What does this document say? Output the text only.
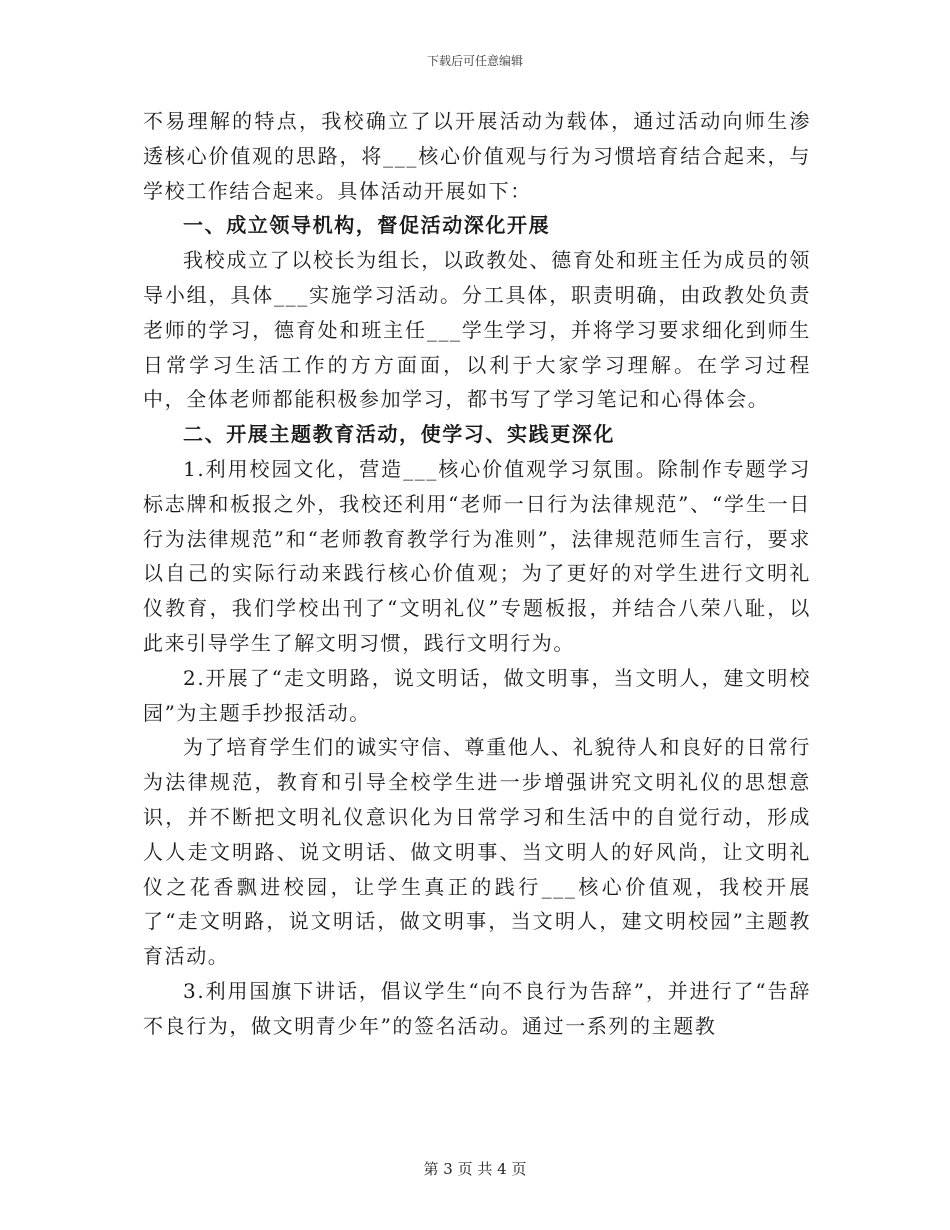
下载后可任意编辑

不易理解的特点，我校确立了以开展活动为载体，通过活动向师生渗透核心价值观的思路，将___核心价值观与行为习惯培育结合起来，与学校工作结合起来。具体活动开展如下：

一、成立领导机构，督促活动深化开展

我校成立了以校长为组长，以政教处、德育处和班主任为成员的领导小组，具体___实施学习活动。分工具体，职责明确，由政教处负责老师的学习，德育处和班主任___学生学习，并将学习要求细化到师生日常学习生活工作的方方面面，以利于大家学习理解。在学习过程中，全体老师都能积极参加学习，都书写了学习笔记和心得体会。

二、开展主题教育活动，使学习、实践更深化

1.利用校园文化，营造___核心价值观学习氛围。除制作专题学习标志牌和板报之外，我校还利用“老师一日行为法律规范”、“学生一日行为法律规范”和“老师教育教学行为准则”，法律规范师生言行，要求以自己的实际行动来践行核心价值观；为了更好的对学生进行文明礼仪教育，我们学校出刊了“文明礼仪”专题板报，并结合八荣八耻，以此来引导学生了解文明习惯，践行文明行为。

2.开展了“走文明路，说文明话，做文明事，当文明人，建文明校园”为主题手抄报活动。

为了培育学生们的诚实守信、尊重他人、礼貌待人和良好的日常行为法律规范，教育和引导全校学生进一步增强讲究文明礼仪的思想意识，并不断把文明礼仪意识化为日常学习和生活中的自觉行动，形成人人走文明路、说文明话、做文明事、当文明人的好风尚，让文明礼仪之花香飘进校园，让学生真正的践行___核心价值观，我校开展了“走文明路，说文明话，做文明事，当文明人，建文明校园”主题教育活动。

3.利用国旗下讲话，倡议学生“向不良行为告辞”，并进行了“告辞不良行为，做文明青少年”的签名活动。通过一系列的主题教

第 3 页 共 4 页
